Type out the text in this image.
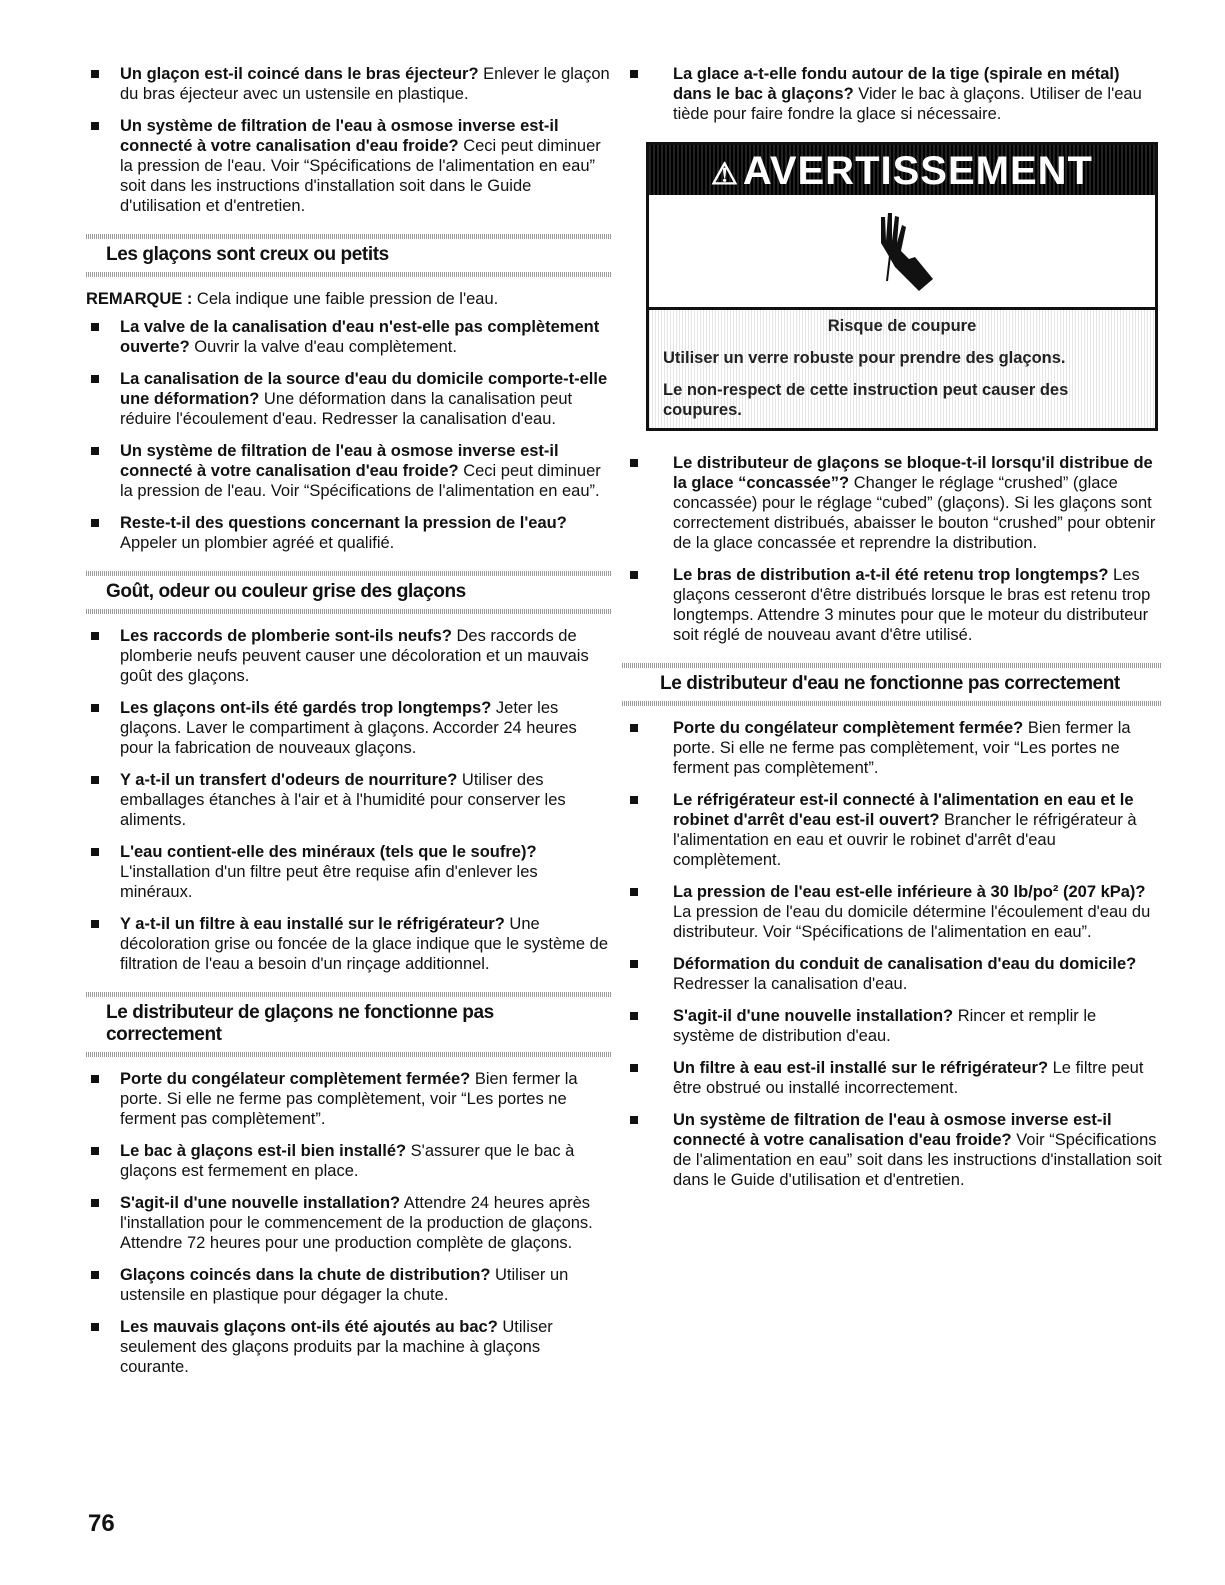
Un glaçon est-il coincé dans le bras éjecteur? Enlever le glaçon du bras éjecteur avec un ustensile en plastique.
Un système de filtration de l'eau à osmose inverse est-il connecté à votre canalisation d'eau froide? Ceci peut diminuer la pression de l'eau. Voir “Spécifications de l'alimentation en eau” soit dans les instructions d'installation soit dans le Guide d'utilisation et d'entretien.
Les glaçons sont creux ou petits
REMARQUE : Cela indique une faible pression de l'eau.
La valve de la canalisation d'eau n'est-elle pas complètement ouverte? Ouvrir la valve d'eau complètement.
La canalisation de la source d'eau du domicile comporte-t-elle une déformation? Une déformation dans la canalisation peut réduire l'écoulement d'eau. Redresser la canalisation d'eau.
Un système de filtration de l'eau à osmose inverse est-il connecté à votre canalisation d'eau froide? Ceci peut diminuer la pression de l'eau. Voir “Spécifications de l'alimentation en eau”.
Reste-t-il des questions concernant la pression de l'eau? Appeler un plombier agréé et qualifié.
Goût, odeur ou couleur grise des glaçons
Les raccords de plomberie sont-ils neufs? Des raccords de plomberie neufs peuvent causer une décoloration et un mauvais goût des glaçons.
Les glaçons ont-ils été gardés trop longtemps? Jeter les glaçons. Laver le compartiment à glaçons. Accorder 24 heures pour la fabrication de nouveaux glaçons.
Y a-t-il un transfert d'odeurs de nourriture? Utiliser des emballages étanches à l'air et à l'humidité pour conserver les aliments.
L'eau contient-elle des minéraux (tels que le soufre)? L'installation d'un filtre peut être requise afin d'enlever les minéraux.
Y a-t-il un filtre à eau installé sur le réfrigérateur? Une décoloration grise ou foncée de la glace indique que le système de filtration de l'eau a besoin d'un rinçage additionnel.
Le distributeur de glaçons ne fonctionne pas correctement
Porte du congélateur complètement fermée? Bien fermer la porte. Si elle ne ferme pas complètement, voir “Les portes ne ferment pas complètement”.
Le bac à glaçons est-il bien installé? S'assurer que le bac à glaçons est fermement en place.
S'agit-il d'une nouvelle installation? Attendre 24 heures après l'installation pour le commencement de la production de glaçons. Attendre 72 heures pour une production complète de glaçons.
Glaçons coincés dans la chute de distribution? Utiliser un ustensile en plastique pour dégager la chute.
Les mauvais glaçons ont-ils été ajoutés au bac? Utiliser seulement des glaçons produits par la machine à glaçons courante.
La glace a-t-elle fondu autour de la tige (spirale en métal) dans le bac à glaçons? Vider le bac à glaçons. Utiliser de l'eau tiède pour faire fondre la glace si nécessaire.
⚠ AVERTISSEMENT
Risque de coupure
Utiliser un verre robuste pour prendre des glaçons.
Le non-respect de cette instruction peut causer des coupures.
Le distributeur de glaçons se bloque-t-il lorsqu'il distribue de la glace “concassée”? Changer le réglage “crushed” (glace concassée) pour le réglage “cubed” (glaçons). Si les glaçons sont correctement distribués, abaisser le bouton “crushed” pour obtenir de la glace concassée et reprendre la distribution.
Le bras de distribution a-t-il été retenu trop longtemps? Les glaçons cesseront d'être distribués lorsque le bras est retenu trop longtemps. Attendre 3 minutes pour que le moteur du distributeur soit réglé de nouveau avant d'être utilisé.
Le distributeur d'eau ne fonctionne pas correctement
Porte du congélateur complètement fermée? Bien fermer la porte. Si elle ne ferme pas complètement, voir “Les portes ne ferment pas complètement”.
Le réfrigérateur est-il connecté à l'alimentation en eau et le robinet d'arrêt d'eau est-il ouvert? Brancher le réfrigérateur à l'alimentation en eau et ouvrir le robinet d'arrêt d'eau complètement.
La pression de l'eau est-elle inférieure à 30 lb/po² (207 kPa)? La pression de l'eau du domicile détermine l'écoulement d'eau du distributeur. Voir “Spécifications de l'alimentation en eau”.
Déformation du conduit de canalisation d'eau du domicile? Redresser la canalisation d'eau.
S'agit-il d'une nouvelle installation? Rincer et remplir le système de distribution d'eau.
Un filtre à eau est-il installé sur le réfrigérateur? Le filtre peut être obstrué ou installé incorrectement.
Un système de filtration de l'eau à osmose inverse est-il connecté à votre canalisation d'eau froide? Voir “Spécifications de l'alimentation en eau” soit dans les instructions d'installation soit dans le Guide d'utilisation et d'entretien.
76
